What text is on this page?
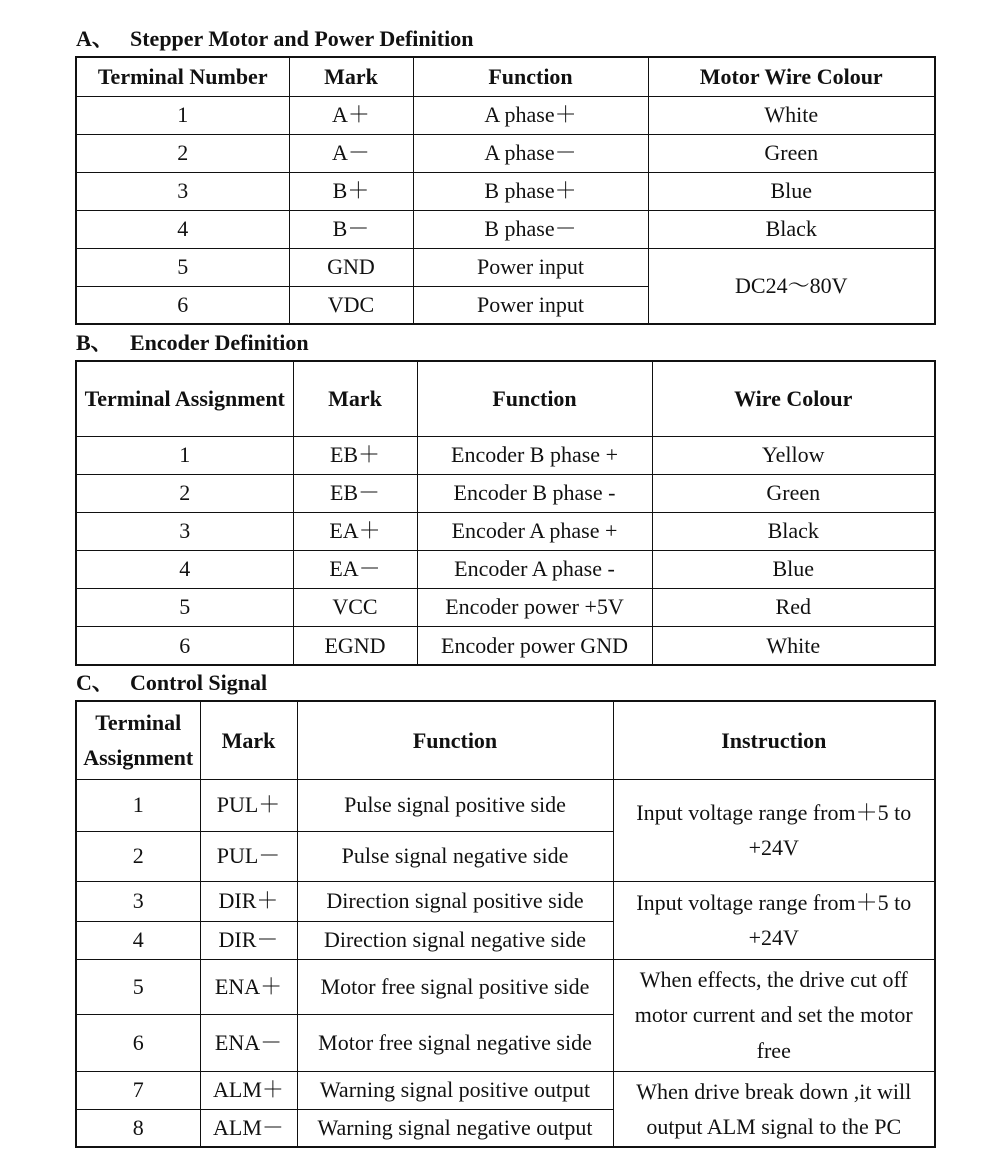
A、 Stepper Motor and Power Definition
Terminal Number	Mark	Function	Motor Wire Colour
1	A＋	A phase＋	White
2	A－	A phase－	Green
3	B＋	B phase＋	Blue
4	B－	B phase－	Black
5	GND	Power input	DC24～80V
6	VDC	Power input	
B、 Encoder Definition
Terminal Assignment	Mark	Function	Wire Colour
1	EB＋	Encoder B phase +	Yellow
2	EB－	Encoder B phase -	Green
3	EA＋	Encoder A phase +	Black
4	EA－	Encoder A phase -	Blue
5	VCC	Encoder power +5V	Red
6	EGND	Encoder power GND	White
C、 Control Signal
Terminal Assignment	Mark	Function	Instruction
1	PUL＋	Pulse signal positive side	Input voltage range from＋5 to +24V
2	PUL－	Pulse signal negative side	
3	DIR＋	Direction signal positive side	Input voltage range from＋5 to +24V
4	DIR－	Direction signal negative side	
5	ENA＋	Motor free signal positive side	When effects, the drive cut off motor current and set the motor free
6	ENA－	Motor free signal negative side	
7	ALM＋	Warning signal positive output	When drive break down ,it will output ALM signal to the PC
8	ALM－	Warning signal negative output	
